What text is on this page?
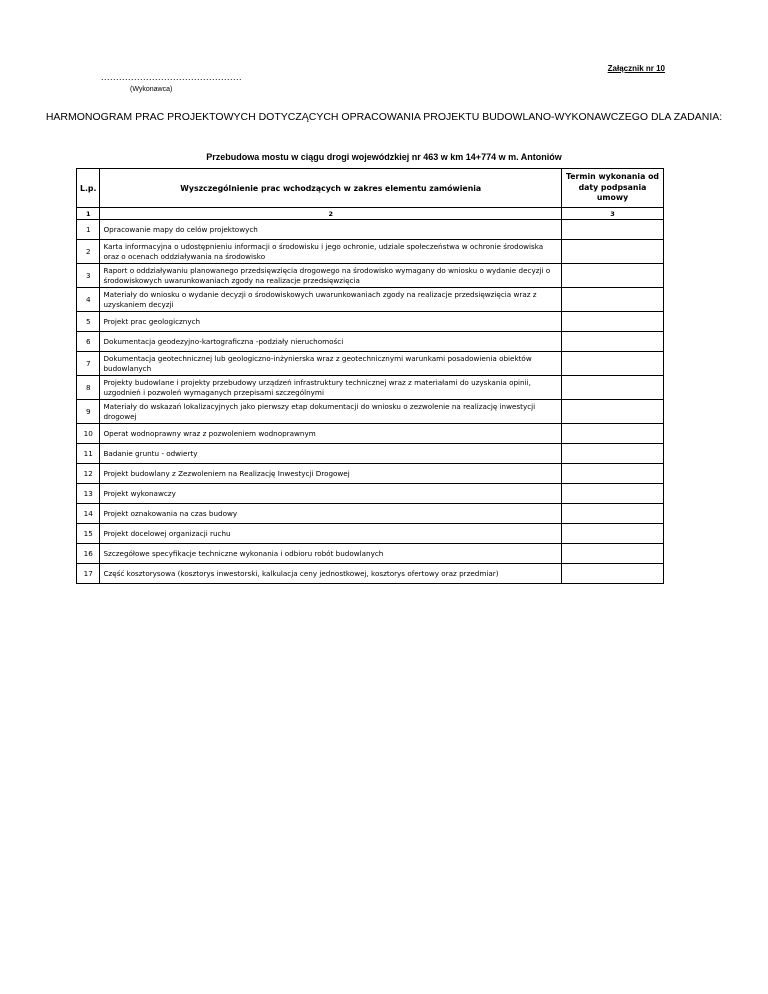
Załącznik nr 10
...............................................
(Wykonawca)
HARMONOGRAM PRAC PROJEKTOWYCH DOTYCZĄCYCH OPRACOWANIA PROJEKTU BUDOWLANO-WYKONAWCZEGO DLA ZADANIA:
Przebudowa mostu w ciągu drogi wojewódzkiej nr 463 w km 14+774 w m. Antoniów
L.p.	Wyszczególnienie prac wchodzących w zakres elementu zamówienia	Termin wykonania od daty podpsania umowy
1	2	3
1	Opracowanie mapy do celów projektowych	
2	Karta informacyjna o udostępnieniu informacji o środowisku i jego ochronie, udziale społeczeństwa w ochronie środowiska oraz o ocenach oddziaływania na środowisko	
3	Raport o oddziaływaniu planowanego przedsięwzięcia drogowego na środowisko wymagany do wniosku o wydanie decyzji o środowiskowych uwarunkowaniach zgody na realizacje przedsięwzięcia	
4	Materiały do wniosku o wydanie decyzji o środowiskowych uwarunkowaniach zgody na realizacje przedsięwzięcia wraz z uzyskaniem decyzji	
5	Projekt prac geologicznych	
6	Dokumentacja geodezyjno-kartograficzna -podziały nieruchomości	
7	Dokumentacja geotechnicznej lub geologiczno-inżynierska wraz z geotechnicznymi warunkami posadowienia obiektów budowlanych	
8	Projekty budowlane i projekty przebudowy urządzeń infrastruktury technicznej wraz z materiałami do uzyskania opinii, uzgodnień i pozwoleń wymaganych przepisami szczególnymi	
9	Materiały do wskazań lokalizacyjnych jako pierwszy etap dokumentacji do wniosku o zezwolenie na realizację inwestycji drogowej	
10	Operat wodnoprawny wraz z pozwoleniem wodnoprawnym	
11	Badanie gruntu - odwierty	
12	Projekt budowlany z Zezwoleniem na Realizację Inwestycji Drogowej	
13	Projekt wykonawczy	
14	Projekt oznakowania na czas budowy	
15	Projekt docelowej organizacji ruchu	
16	Szczegółowe specyfikacje techniczne wykonania i odbioru robót budowlanych	
17	Część kosztorysowa (kosztorys inwestorski, kalkulacja ceny jednostkowej, kosztorys ofertowy oraz przedmiar)	
